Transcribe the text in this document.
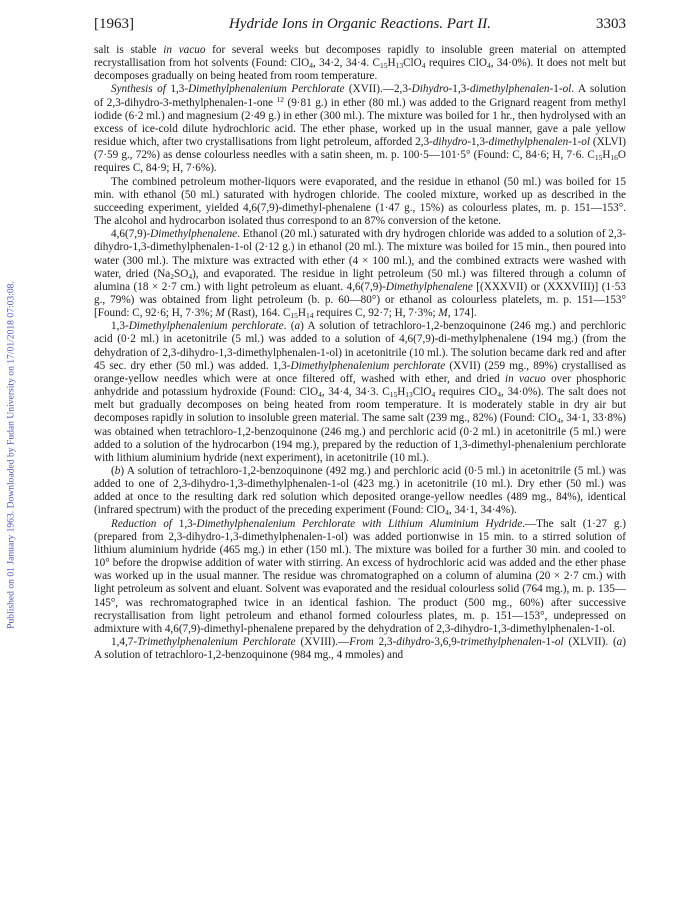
Published on 01 January 1963. Downloaded by Fudan University on 17/01/2018 07:03:08.
[1963]	Hydride Ions in Organic Reactions. Part II.	3303

salt is stable in vacuo for several weeks but decomposes rapidly to insoluble green material on attempted recrystallisation from hot solvents (Found: ClO$_4$, 34·2, 34·4. $C_{15}H_{13}ClO_4$ requires ClO$_4$, 34·0%). It does not melt but decomposes gradually on being heated from room temperature.

Synthesis of 1,3-Dimethylphenalenium Perchlorate (XVII).—2,3-Dihydro-1,3-dimethylphenalen-1-ol. A solution of 2,3-dihydro-3-methylphenalen-1-one $^{12}$ (9·81 g.) in ether (80 ml.) was added to the Grignard reagent from methyl iodide (6·2 ml.) and magnesium (2·49 g.) in ether (300 ml.). The mixture was boiled for 1 hr., then hydrolysed with an excess of ice-cold dilute hydrochloric acid. The ether phase, worked up in the usual manner, gave a pale yellow residue which, after two crystallisations from light petroleum, afforded 2,3-dihydro-1,3-dimethylphenalen-1-ol (XLVI) (7·59 g., 72%) as dense colourless needles with a satin sheen, m. p. 100·5—101·5° (Found: C, 84·6; H, 7·6. $C_{15}H_{16}O$ requires C, 84·9; H, 7·6%).

The combined petroleum mother-liquors were evaporated, and the residue in ethanol (50 ml.) was boiled for 15 min. with ethanol (50 ml.) saturated with hydrogen chloride. The cooled mixture, worked up as described in the succeeding experiment, yielded 4,6(7,9)-dimethyl-phenalene (1·47 g., 15%) as colourless plates, m. p. 151—153°. The alcohol and hydrocarbon isolated thus correspond to an 87% conversion of the ketone.

4,6(7,9)-Dimethylphenalene. Ethanol (20 ml.) saturated with dry hydrogen chloride was added to a solution of 2,3-dihydro-1,3-dimethylphenalen-1-ol (2·12 g.) in ethanol (20 ml.). The mixture was boiled for 15 min., then poured into water (300 ml.). The mixture was extracted with ether (4 × 100 ml.), and the combined extracts were washed with water, dried $(Na_2SO_4)$, and evaporated. The residue in light petroleum (50 ml.) was filtered through a column of alumina (18 × 2·7 cm.) with light petroleum as eluant. 4,6(7,9)-Dimethylphenalene [(XXXVII) or (XXXVIII)] (1·53 g., 79%) was obtained from light petroleum (b. p. 60—80°) or ethanol as colourless platelets, m. p. 151—153° [Found: C, 92·6; H, 7·3%; M (Rast), 164. $C_{15}H_{14}$ requires C, 92·7; H, 7·3%; M, 174].

1,3-Dimethylphenalenium perchlorate. (a) A solution of tetrachloro-1,2-benzoquinone (246 mg.) and perchloric acid (0·2 ml.) in acetonitrile (5 ml.) was added to a solution of 4,6(7,9)-di-methylphenalene (194 mg.) (from the dehydration of 2,3-dihydro-1,3-dimethylphenalen-1-ol) in acetonitrile (10 ml.). The solution became dark red and after 45 sec. dry ether (50 ml.) was added. 1,3-Dimethylphenalenium perchlorate (XVII) (259 mg., 89%) crystallised as orange-yellow needles which were at once filtered off, washed with ether, and dried in vacuo over phosphoric anhydride and potassium hydroxide (Found: ClO$_4$, 34·4, 34·3. $C_{15}H_{13}ClO_4$ requires ClO$_4$, 34·0%). The salt does not melt but gradually decomposes on being heated from room temperature. It is moderately stable in dry air but decomposes rapidly in solution to insoluble green material. The same salt (239 mg., 82%) (Found: ClO$_4$, 34·1, 33·8%) was obtained when tetrachloro-1,2-benzoquinone (246 mg.) and perchloric acid (0·2 ml.) in acetonitrile (5 ml.) were added to a solution of the hydrocarbon (194 mg.), prepared by the reduction of 1,3-dimethyl-phenalenium perchlorate with lithium aluminium hydride (next experiment), in acetonitrile (10 ml.).

(b) A solution of tetrachloro-1,2-benzoquinone (492 mg.) and perchloric acid (0·5 ml.) in acetonitrile (5 ml.) was added to one of 2,3-dihydro-1,3-dimethylphenalen-1-ol (423 mg.) in acetonitrile (10 ml.). Dry ether (50 ml.) was added at once to the resulting dark red solution which deposited orange-yellow needles (489 mg., 84%), identical (infrared spectrum) with the product of the preceding experiment (Found: ClO$_4$, 34·1, 34·4%).

Reduction of 1,3-Dimethylphenalenium Perchlorate with Lithium Aluminium Hydride.—The salt (1·27 g.) (prepared from 2,3-dihydro-1,3-dimethylphenalen-1-ol) was added portionwise in 15 min. to a stirred solution of lithium aluminium hydride (465 mg.) in ether (150 ml.). The mixture was boiled for a further 30 min. and cooled to 10° before the dropwise addition of water with stirring. An excess of hydrochloric acid was added and the ether phase was worked up in the usual manner. The residue was chromatographed on a column of alumina (20 × 2·7 cm.) with light petroleum as solvent and eluant. Solvent was evaporated and the residual colourless solid (764 mg.), m. p. 135—145°, was rechromatographed twice in an identical fashion. The product (500 mg., 60%) after successive recrystallisation from light petroleum and ethanol formed colourless plates, m. p. 151—153°, undepressed on admixture with 4,6(7,9)-dimethyl-phenalene prepared by the dehydration of 2,3-dihydro-1,3-dimethylphenalen-1-ol.

1,4,7-Trimethylphenalenium Perchlorate (XVIII).—From 2,3-dihydro-3,6,9-trimethylphenalen-1-ol (XLVII). (a) A solution of tetrachloro-1,2-benzoquinone (984 mg., 4 mmoles) and
